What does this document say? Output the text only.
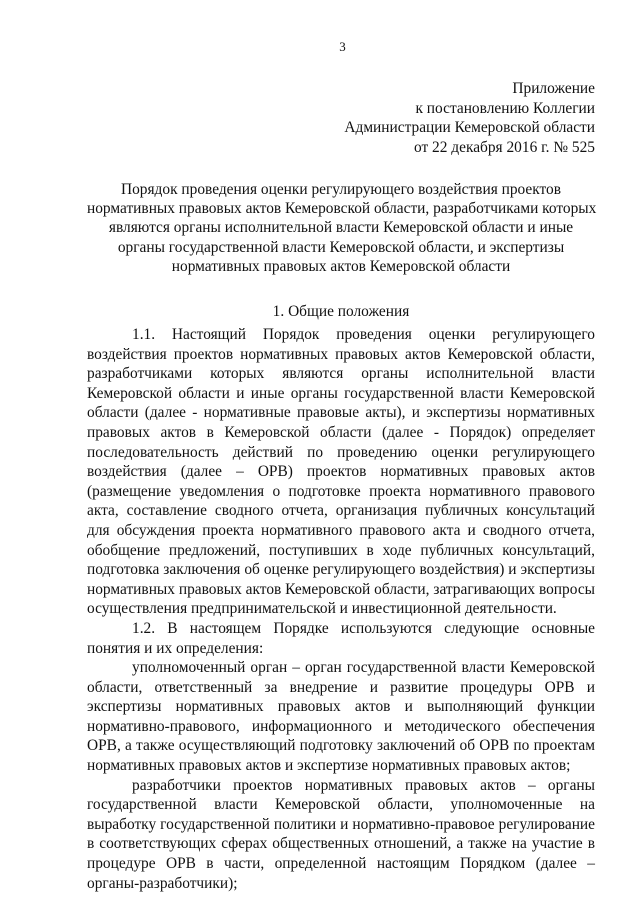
3
Приложение
к постановлению Коллегии
Администрации Кемеровской области
от 22 декабря 2016 г. № 525
Порядок проведения оценки регулирующего воздействия проектов
нормативных правовых актов Кемеровской области, разработчиками которых
являются органы исполнительной власти Кемеровской области и иные
органы государственной власти Кемеровской области, и экспертизы
нормативных правовых актов Кемеровской области
1. Общие положения

1.1. Настоящий Порядок проведения оценки регулирующего воздействия проектов нормативных правовых актов Кемеровской области, разработчиками которых являются органы исполнительной власти Кемеровской области и иные органы государственной власти Кемеровской области (далее - нормативные правовые акты), и экспертизы нормативных правовых актов в Кемеровской области (далее - Порядок) определяет последовательность действий по проведению оценки регулирующего воздействия (далее – ОРВ) проектов нормативных правовых актов (размещение уведомления о подготовке проекта нормативного правового акта, составление сводного отчета, организация публичных консультаций для обсуждения проекта нормативного правового акта и сводного отчета, обобщение предложений, поступивших в ходе публичных консультаций, подготовка заключения об оценке регулирующего воздействия) и экспертизы нормативных правовых актов Кемеровской области, затрагивающих вопросы осуществления предпринимательской и инвестиционной деятельности.

1.2. В настоящем Порядке используются следующие основные понятия и их определения:

уполномоченный орган – орган государственной власти Кемеровской области, ответственный за внедрение и развитие процедуры ОРВ и экспертизы нормативных правовых актов и выполняющий функции нормативно-правового, информационного и методического обеспечения ОРВ, а также осуществляющий подготовку заключений об ОРВ по проектам нормативных правовых актов и экспертизе нормативных правовых актов;

разработчики проектов нормативных правовых актов – органы государственной власти Кемеровской области, уполномоченные на выработку государственной политики и нормативно-правовое регулирование в соответствующих сферах общественных отношений, а также на участие в процедуре ОРВ в части, определенной настоящим Порядком (далее – органы-разработчики);
